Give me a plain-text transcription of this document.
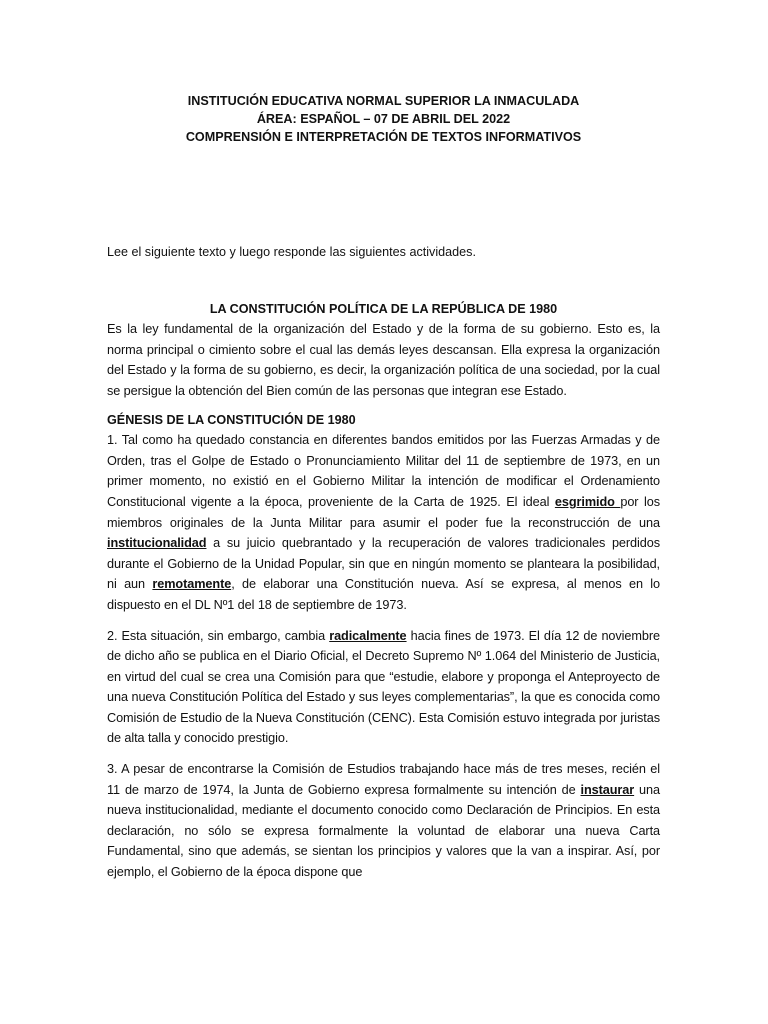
INSTITUCIÓN EDUCATIVA NORMAL SUPERIOR LA INMACULADA
ÁREA: ESPAÑOL – 07 DE ABRIL DEL 2022
COMPRENSIÓN E INTERPRETACIÓN DE TEXTOS INFORMATIVOS
Lee el siguiente texto y luego responde las siguientes actividades.
LA CONSTITUCIÓN POLÍTICA DE LA REPÚBLICA DE 1980

Es la ley fundamental de la organización del Estado y de la forma de su gobierno. Esto es, la norma principal o cimiento sobre el cual las demás leyes descansan. Ella expresa la organización del Estado y la forma de su gobierno, es decir, la organización política de una sociedad, por la cual se persigue la obtención del Bien común de las personas que integran ese Estado.

GÉNESIS DE LA CONSTITUCIÓN DE 1980

1. Tal como ha quedado constancia en diferentes bandos emitidos por las Fuerzas Armadas y de Orden, tras el Golpe de Estado o Pronunciamiento Militar del 11 de septiembre de 1973, en un primer momento, no existió en el Gobierno Militar la intención de modificar el Ordenamiento Constitucional vigente a la época, proveniente de la Carta de 1925. El ideal esgrimido por los miembros originales de la Junta Militar para asumir el poder fue la reconstrucción de una institucionalidad a su juicio quebrantado y la recuperación de valores tradicionales perdidos durante el Gobierno de la Unidad Popular, sin que en ningún momento se planteara la posibilidad, ni aun remotamente, de elaborar una Constitución nueva. Así se expresa, al menos en lo dispuesto en el DL Nº1 del 18 de septiembre de 1973.

2. Esta situación, sin embargo, cambia radicalmente hacia fines de 1973. El día 12 de noviembre de dicho año se publica en el Diario Oficial, el Decreto Supremo Nº 1.064 del Ministerio de Justicia, en virtud del cual se crea una Comisión para que “estudie, elabore y proponga el Anteproyecto de una nueva Constitución Política del Estado y sus leyes complementarias”, la que es conocida como Comisión de Estudio de la Nueva Constitución (CENC). Esta Comisión estuvo integrada por juristas de alta talla y conocido prestigio.

3. A pesar de encontrarse la Comisión de Estudios trabajando hace más de tres meses, recién el 11 de marzo de 1974, la Junta de Gobierno expresa formalmente su intención de instaurar una nueva institucionalidad, mediante el documento conocido como Declaración de Principios. En esta declaración, no sólo se expresa formalmente la voluntad de elaborar una nueva Carta Fundamental, sino que además, se sientan los principios y valores que la van a inspirar. Así, por ejemplo, el Gobierno de la época dispone que
